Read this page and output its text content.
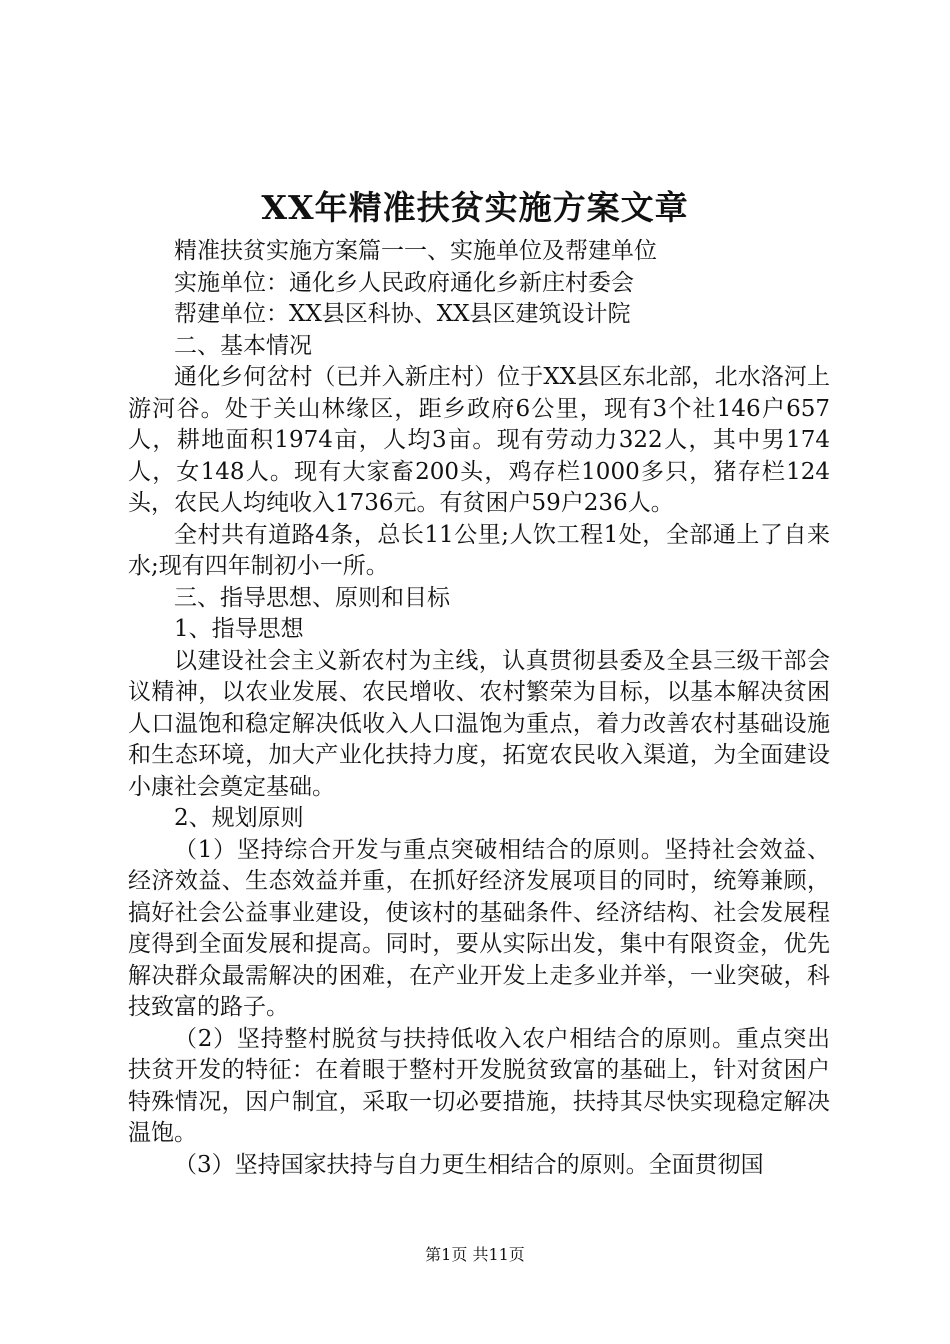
XX年精准扶贫实施方案文章

精准扶贫实施方案篇一一、实施单位及帮建单位

实施单位：通化乡人民政府通化乡新庄村委会

帮建单位：XX县区科协、XX县区建筑设计院

二、基本情况

通化乡何岔村（已并入新庄村）位于XX县区东北部，北水洛河上游河谷。处于关山林缘区，距乡政府6公里，现有3个社146户657人，耕地面积1974亩，人均3亩。现有劳动力322人，其中男174人，女148人。现有大家畜200头，鸡存栏1000多只，猪存栏124头，农民人均纯收入1736元。有贫困户59户236人。

全村共有道路4条，总长11公里;人饮工程1处，全部通上了自来水;现有四年制初小一所。

三、指导思想、原则和目标

1、指导思想

以建设社会主义新农村为主线，认真贯彻县委及全县三级干部会议精神，以农业发展、农民增收、农村繁荣为目标，以基本解决贫困人口温饱和稳定解决低收入人口温饱为重点，着力改善农村基础设施和生态环境，加大产业化扶持力度，拓宽农民收入渠道，为全面建设小康社会奠定基础。

2、规划原则

（1）坚持综合开发与重点突破相结合的原则。坚持社会效益、经济效益、生态效益并重，在抓好经济发展项目的同时，统筹兼顾，搞好社会公益事业建设，使该村的基础条件、经济结构、社会发展程度得到全面发展和提高。同时，要从实际出发，集中有限资金，优先解决群众最需解决的困难，在产业开发上走多业并举，一业突破，科技致富的路子。

（2）坚持整村脱贫与扶持低收入农户相结合的原则。重点突出扶贫开发的特征：在着眼于整村开发脱贫致富的基础上，针对贫困户特殊情况，因户制宜，采取一切必要措施，扶持其尽快实现稳定解决温饱。

（3）坚持国家扶持与自力更生相结合的原则。全面贯彻国

第1页 共11页
